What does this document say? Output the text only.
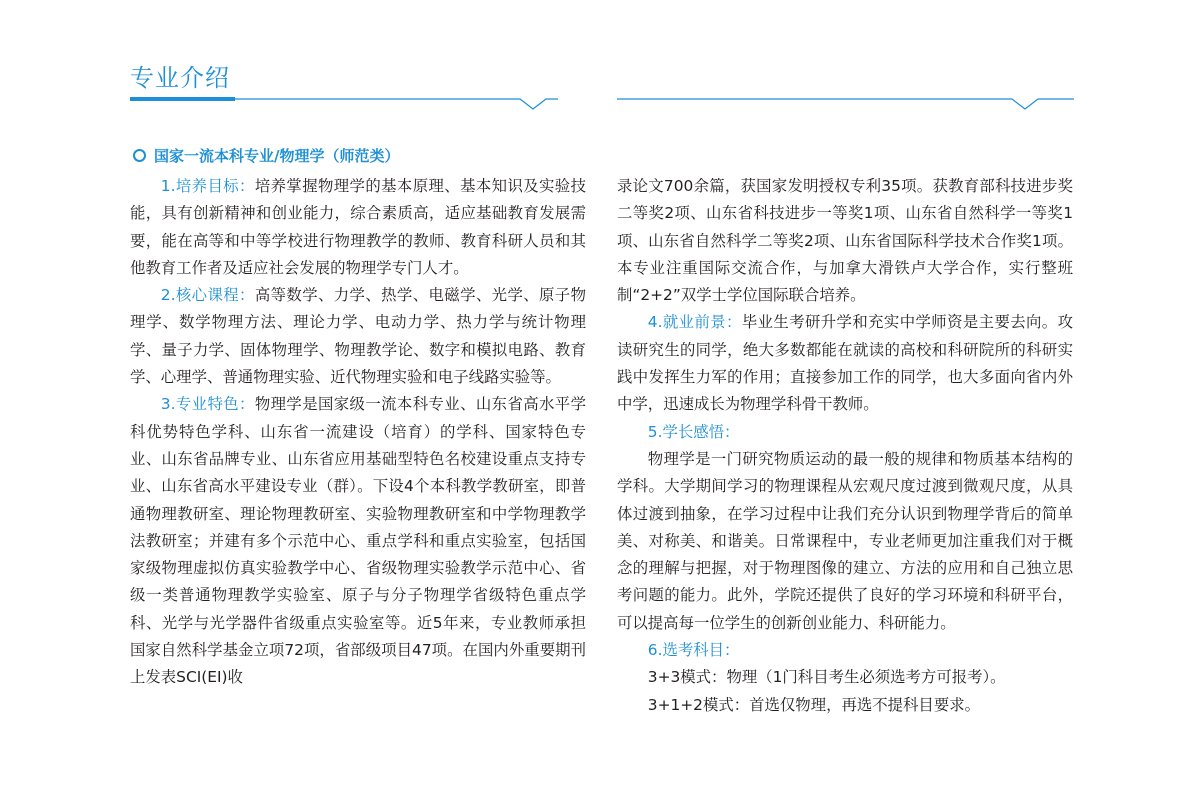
专业介绍
国家一流本科专业/物理学（师范类）

1.培养目标：培养掌握物理学的基本原理、基本知识及实验技能，具有创新精神和创业能力，综合素质高，适应基础教育发展需要，能在高等和中等学校进行物理教学的教师、教育科研人员和其他教育工作者及适应社会发展的物理学专门人才。

2.核心课程：高等数学、力学、热学、电磁学、光学、原子物理学、数学物理方法、理论力学、电动力学、热力学与统计物理学、量子力学、固体物理学、物理教学论、数字和模拟电路、教育学、心理学、普通物理实验、近代物理实验和电子线路实验等。

3.专业特色：物理学是国家级一流本科专业、山东省高水平学科优势特色学科、山东省一流建设（培育）的学科、国家特色专业、山东省品牌专业、山东省应用基础型特色名校建设重点支持专业、山东省高水平建设专业（群）。下设4个本科教学教研室，即普通物理教研室、理论物理教研室、实验物理教研室和中学物理教学法教研室；并建有多个示范中心、重点学科和重点实验室，包括国家级物理虚拟仿真实验教学中心、省级物理实验教学示范中心、省级一类普通物理教学实验室、原子与分子物理学省级特色重点学科、光学与光学器件省级重点实验室等。近5年来，专业教师承担国家自然科学基金立项72项，省部级项目47项。在国内外重要期刊上发表SCI(EI)收

录论文700余篇，获国家发明授权专利35项。获教育部科技进步奖二等奖2项、山东省科技进步一等奖1项、山东省自然科学一等奖1项、山东省自然科学二等奖2项、山东省国际科学技术合作奖1项。本专业注重国际交流合作，与加拿大滑铁卢大学合作，实行整班制“2+2”双学士学位国际联合培养。

4.就业前景：毕业生考研升学和充实中学师资是主要去向。攻读研究生的同学，绝大多数都能在就读的高校和科研院所的科研实践中发挥生力军的作用；直接参加工作的同学，也大多面向省内外中学，迅速成长为物理学科骨干教师。

5.学长感悟：

物理学是一门研究物质运动的最一般的规律和物质基本结构的学科。大学期间学习的物理课程从宏观尺度过渡到微观尺度，从具体过渡到抽象，在学习过程中让我们充分认识到物理学背后的简单美、对称美、和谐美。日常课程中，专业老师更加注重我们对于概念的理解与把握，对于物理图像的建立、方法的应用和自己独立思考问题的能力。此外，学院还提供了良好的学习环境和科研平台，可以提高每一位学生的创新创业能力、科研能力。

6.选考科目：

3+3模式：物理（1门科目考生必须选考方可报考）。

3+1+2模式：首选仅物理，再选不提科目要求。
